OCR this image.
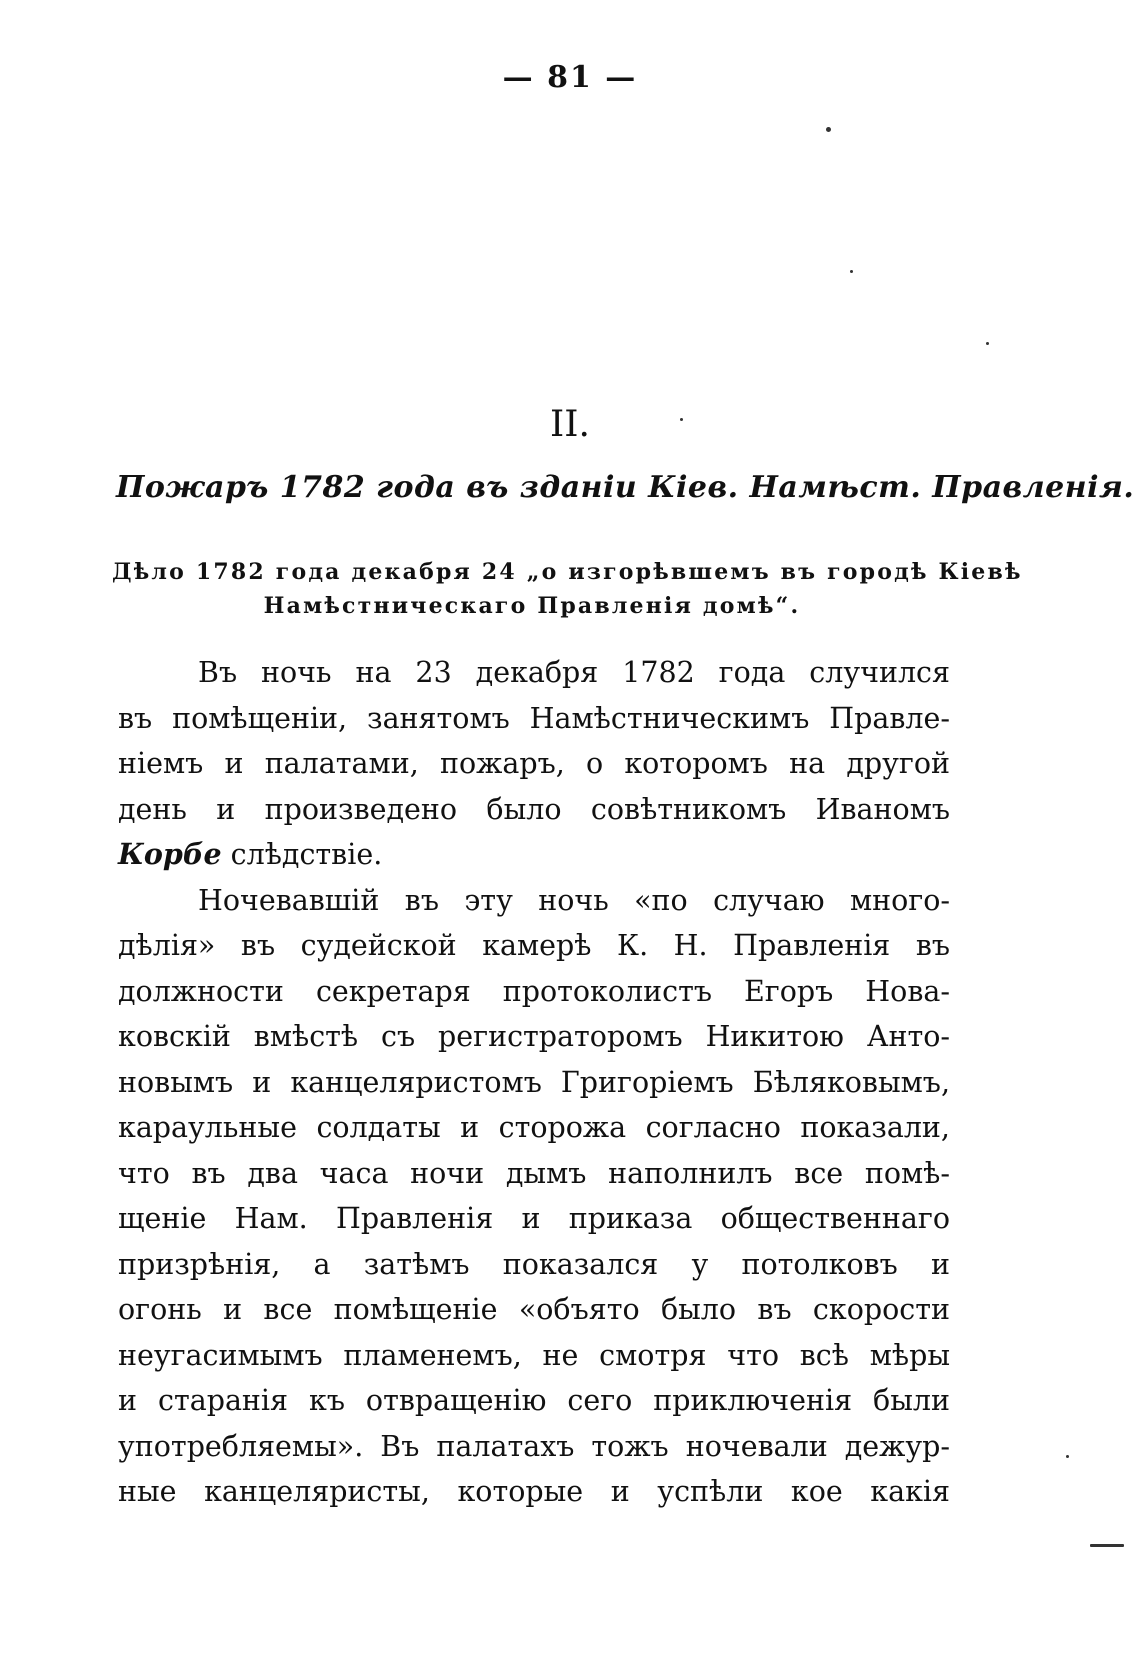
— 81 —
II.
Пожаръ 1782 года въ зданіи Кіев. Намѣст. Правленія.
Дѣло 1782 года декабря 24 „о изгорѣвшемъ въ городѣ Кіевѣ
Намѣстническаго Правленія домѣ“.
Въ ночь на 23 декабря 1782 года случился
въ помѣщеніи, занятомъ Намѣстническимъ Правле-
ніемъ и палатами, пожаръ, о которомъ на другой
день и произведено было совѣтникомъ Иваномъ
Корбе слѣдствіе.
Ночевавшій въ эту ночь «по случаю много-
дѣлія» въ судейской камерѣ К. Н. Правленія въ
должности секретаря протоколистъ Егоръ Нова-
ковскій вмѣстѣ съ регистраторомъ Никитою Анто-
новымъ и канцеляристомъ Григоріемъ Бѣляковымъ,
караульные солдаты и сторожа согласно показали,
что въ два часа ночи дымъ наполнилъ все помѣ-
щеніе Нам. Правленія и приказа общественнаго
призрѣнія, а затѣмъ показался у потолковъ и
огонь и все помѣщеніе «объято было въ скорости
неугасимымъ пламенемъ, не смотря что всѣ мѣры
и старанія къ отвращенію сего приключенія были
употребляемы». Въ палатахъ тожъ ночевали дежур-
ные канцеляристы, которые и успѣли кое какія
